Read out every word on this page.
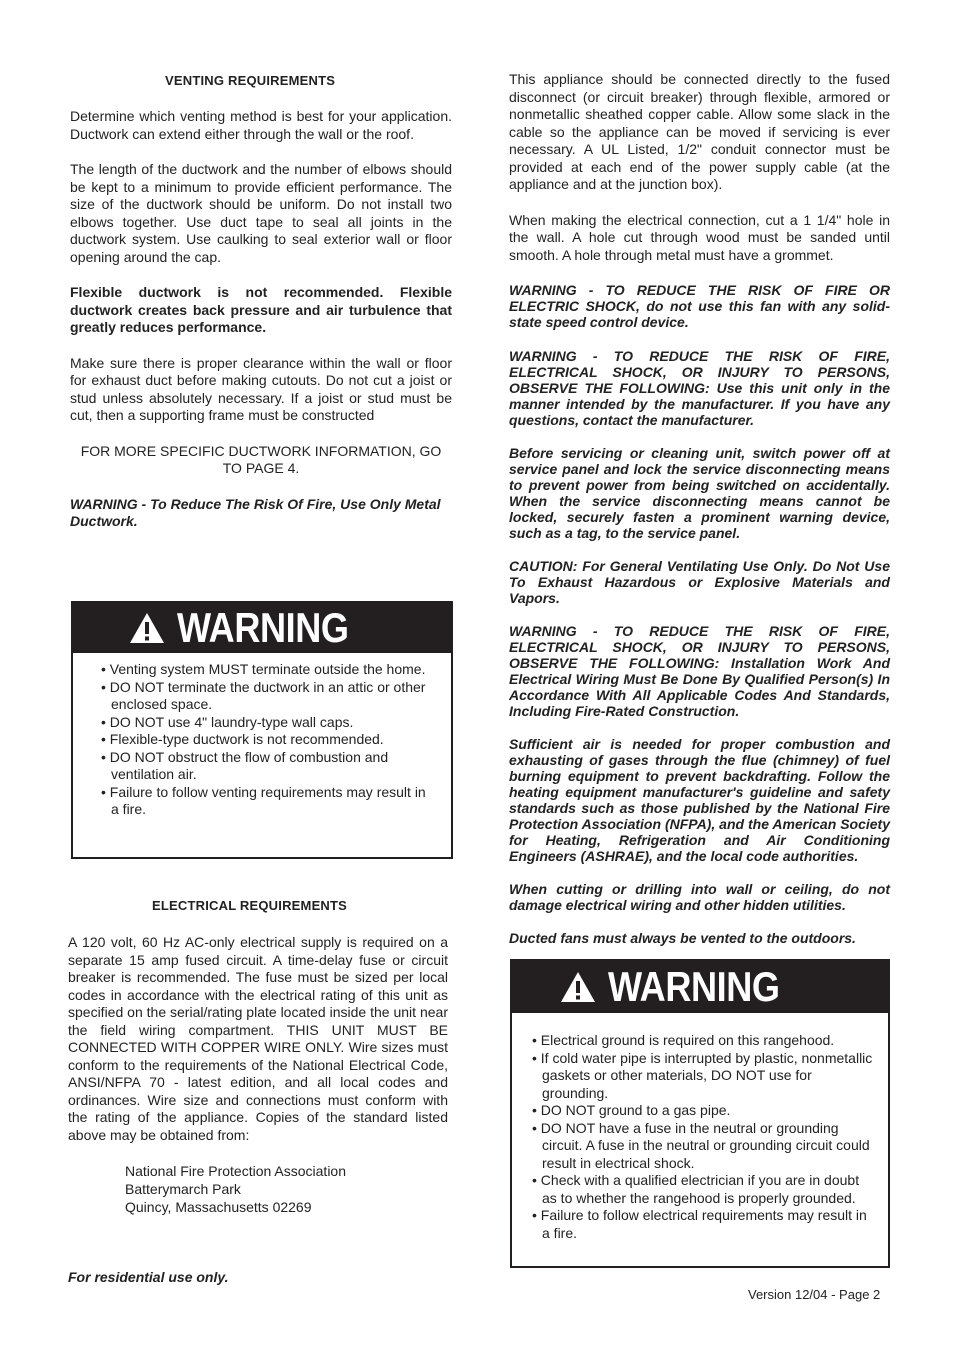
VENTING REQUIREMENTS

Determine which venting method is best for your application. Ductwork can extend either through the wall or the roof.

The length of the ductwork and the number of elbows should be kept to a minimum to provide efficient performance. The size of the ductwork should be uniform. Do not install two elbows together. Use duct tape to seal all joints in the ductwork system. Use caulking to seal exterior wall or floor opening around the cap.

Flexible ductwork is not recommended. Flexible ductwork creates back pressure and air turbulence that greatly reduces performance.

Make sure there is proper clearance within the wall or floor for exhaust duct before making cutouts. Do not cut a joist or stud unless absolutely necessary. If a joist or stud must be cut, then a supporting frame must be constructed

FOR MORE SPECIFIC DUCTWORK INFORMATION, GO TO PAGE 4.

WARNING - To Reduce The Risk Of Fire, Use Only Metal Ductwork.

WARNING
• Venting system MUST terminate outside the home.
• DO NOT terminate the ductwork in an attic or other enclosed space.
• DO NOT use 4" laundry-type wall caps.
• Flexible-type ductwork is not recommended.
• DO NOT obstruct the flow of combustion and ventilation air.
• Failure to follow venting requirements may result in a fire.
ELECTRICAL REQUIREMENTS

A 120 volt, 60 Hz AC-only electrical supply is required on a separate 15 amp fused circuit. A time-delay fuse or circuit breaker is recommended. The fuse must be sized per local codes in accordance with the electrical rating of this unit as specified on the serial/rating plate located inside the unit near the field wiring compartment. THIS UNIT MUST BE CONNECTED WITH COPPER WIRE ONLY. Wire sizes must conform to the requirements of the National Electrical Code, ANSI/NFPA 70 - latest edition, and all local codes and ordinances. Wire size and connections must conform with the rating of the appliance. Copies of the standard listed above may be obtained from:

National Fire Protection Association
Batterymarch Park
Quincy, Massachusetts 02269
For residential use only.

This appliance should be connected directly to the fused disconnect (or circuit breaker) through flexible, armored or nonmetallic sheathed copper cable. Allow some slack in the cable so the appliance can be moved if servicing is ever necessary. A UL Listed, 1/2" conduit connector must be provided at each end of the power supply cable (at the appliance and at the junction box).

When making the electrical connection, cut a 1 1/4" hole in the wall. A hole cut through wood must be sanded until smooth. A hole through metal must have a grommet.

WARNING - TO REDUCE THE RISK OF FIRE OR ELECTRIC SHOCK, do not use this fan with any solid-state speed control device.

WARNING - TO REDUCE THE RISK OF FIRE, ELECTRICAL SHOCK, OR INJURY TO PERSONS, OBSERVE THE FOLLOWING: Use this unit only in the manner intended by the manufacturer. If you have any questions, contact the manufacturer.

Before servicing or cleaning unit, switch power off at service panel and lock the service disconnecting means to prevent power from being switched on accidentally. When the service disconnecting means cannot be locked, securely fasten a prominent warning device, such as a tag, to the service panel.

CAUTION: For General Ventilating Use Only. Do Not Use To Exhaust Hazardous or Explosive Materials and Vapors.

WARNING - TO REDUCE THE RISK OF FIRE, ELECTRICAL SHOCK, OR INJURY TO PERSONS, OBSERVE THE FOLLOWING: Installation Work And Electrical Wiring Must Be Done By Qualified Person(s) In Accordance With All Applicable Codes And Standards, Including Fire-Rated Construction.

Sufficient air is needed for proper combustion and exhausting of gases through the flue (chimney) of fuel burning equipment to prevent backdrafting. Follow the heating equipment manufacturer's guideline and safety standards such as those published by the National Fire Protection Association (NFPA), and the American Society for Heating, Refrigeration and Air Conditioning Engineers (ASHRAE), and the local code authorities.

When cutting or drilling into wall or ceiling, do not damage electrical wiring and other hidden utilities.

Ducted fans must always be vented to the outdoors.

WARNING
• Electrical ground is required on this rangehood.
• If cold water pipe is interrupted by plastic, nonmetallic gaskets or other materials, DO NOT use for grounding.
• DO NOT ground to a gas pipe.
• DO NOT have a fuse in the neutral or grounding circuit. A fuse in the neutral or grounding circuit could result in electrical shock.
• Check with a qualified electrician if you are in doubt as to whether the rangehood is properly grounded.
• Failure to follow electrical requirements may result in a fire.
Version 12/04 - Page 2
